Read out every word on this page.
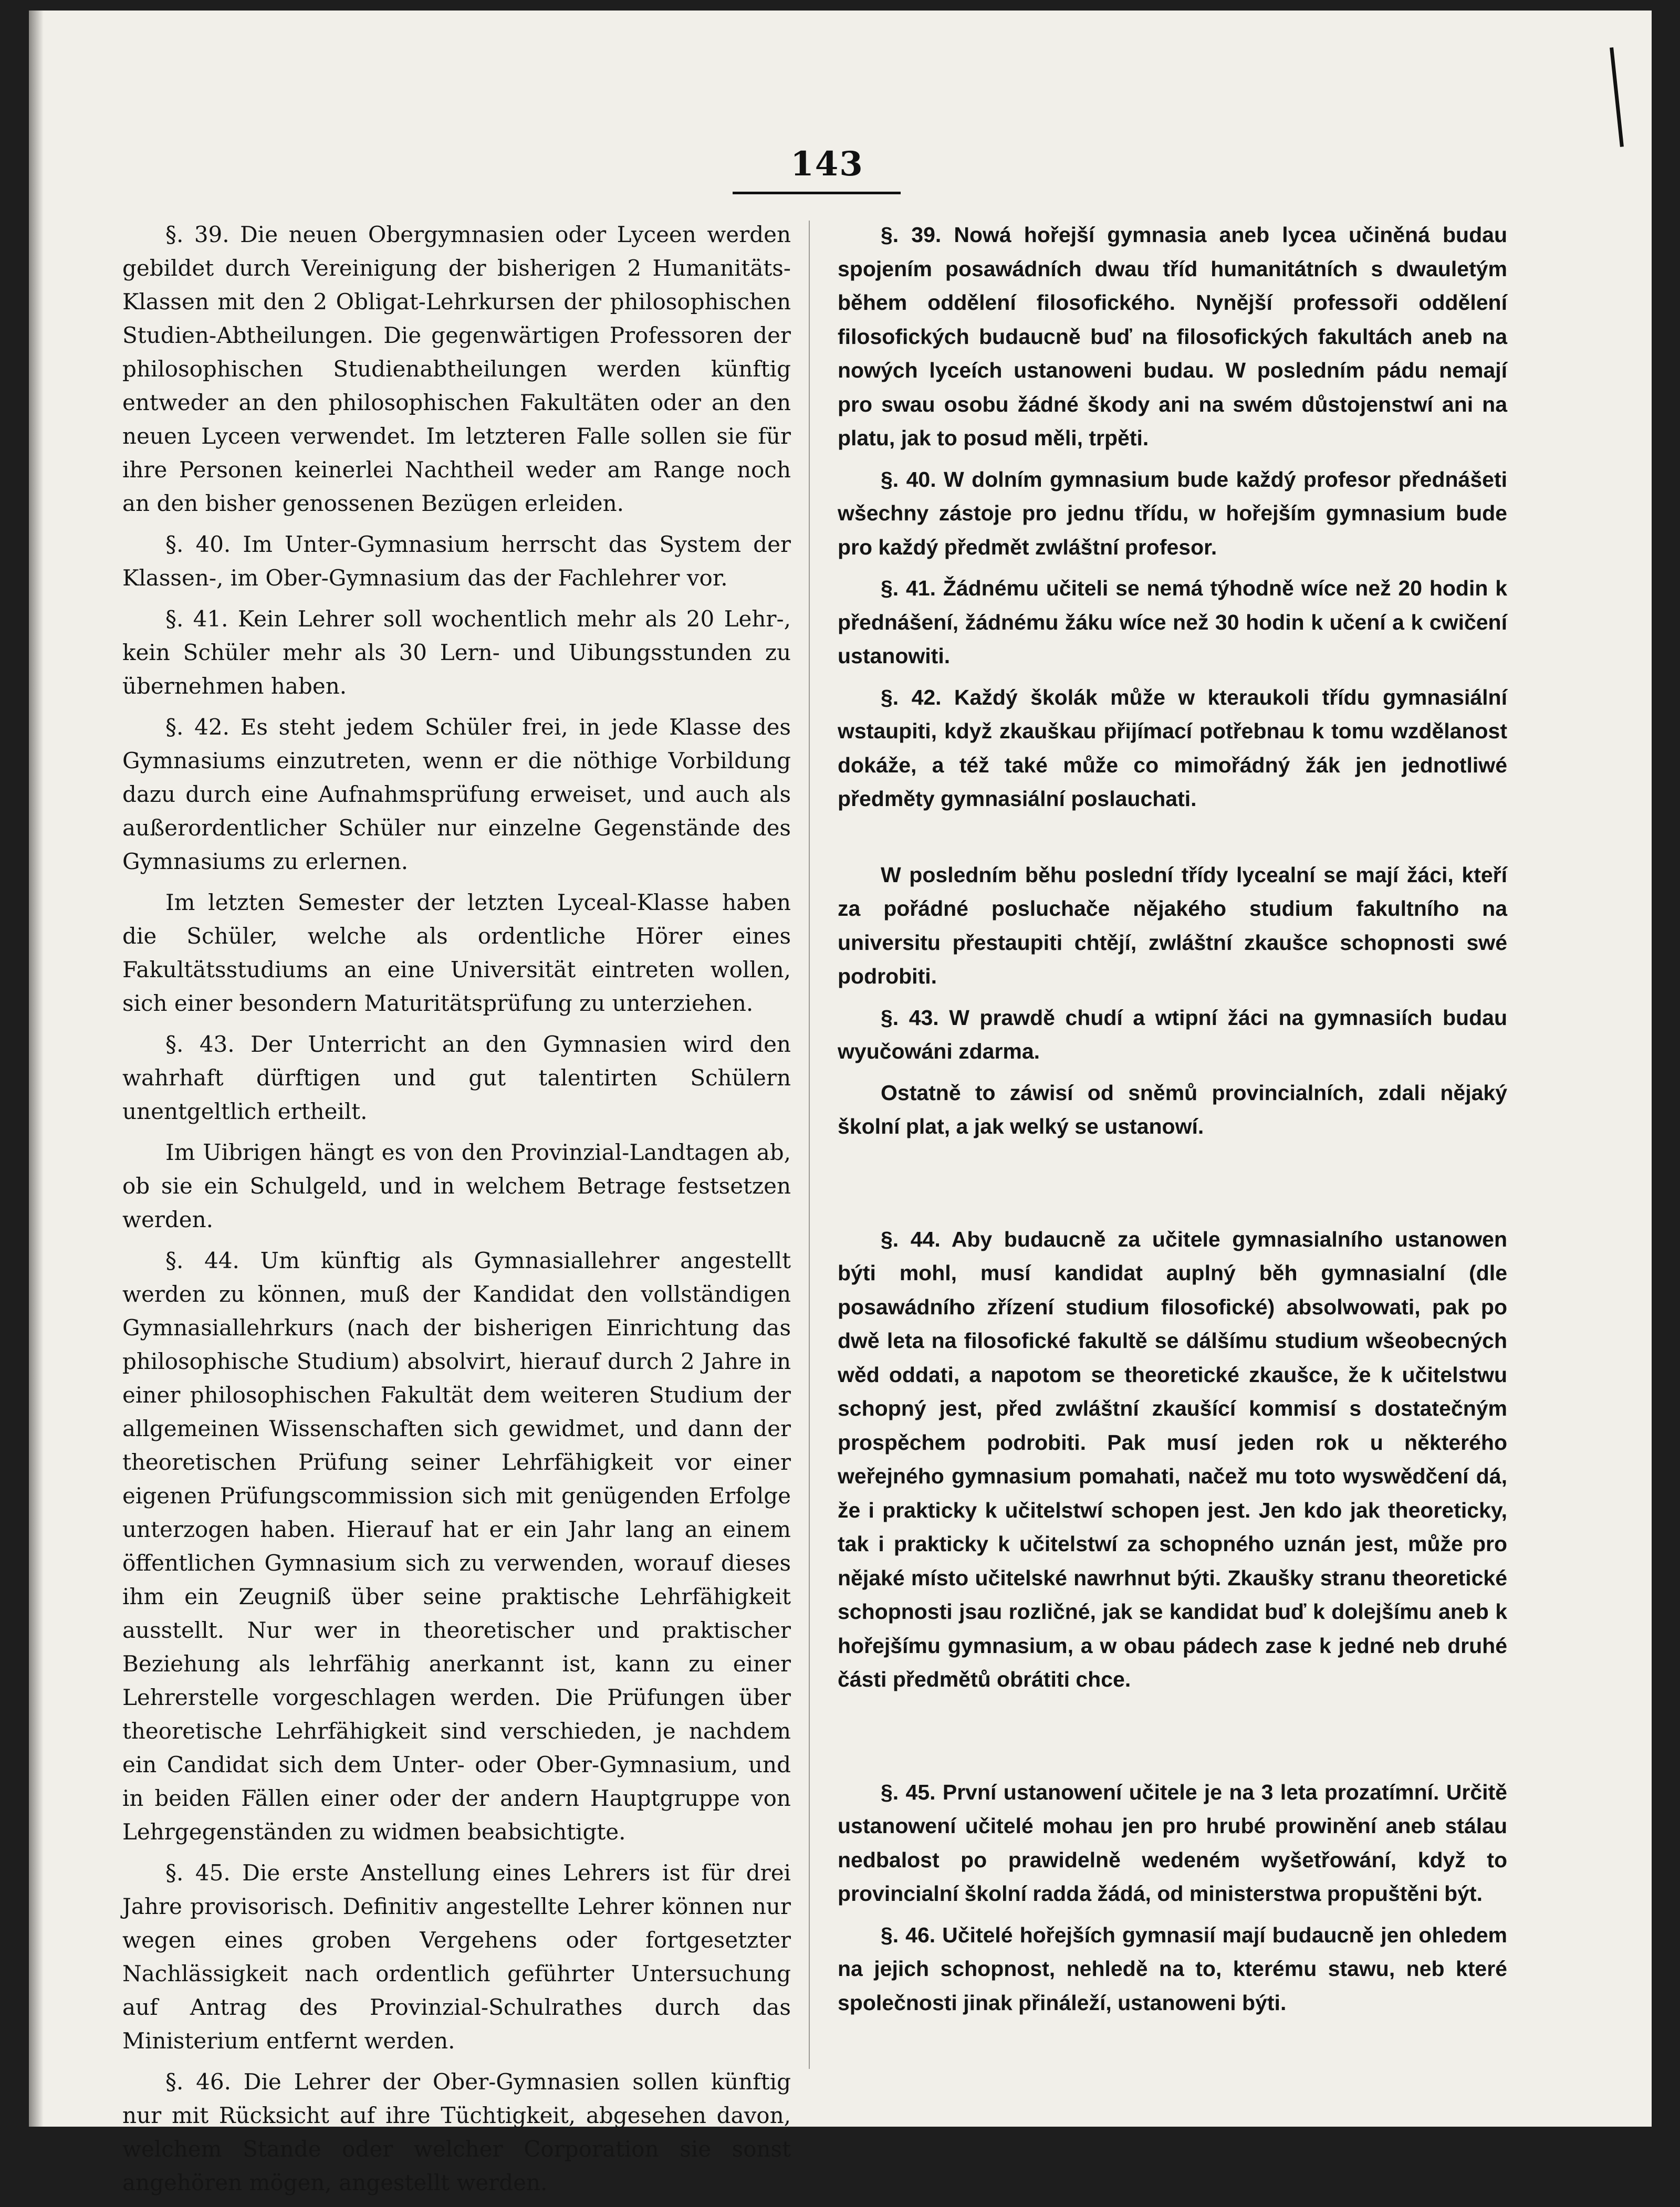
143

§. 39. Die neuen Obergymnasien oder Lyceen werden gebildet durch Vereinigung der bisherigen 2 Humanitäts-Klassen mit den 2 Obligat-Lehrkursen der philosophischen Studien-Abtheilungen. Die gegenwärtigen Professoren der philosophischen Studienabtheilungen werden künftig entweder an den philosophischen Fakultäten oder an den neuen Lyceen verwendet. Im letzteren Falle sollen sie für ihre Personen keinerlei Nachtheil weder am Range noch an den bisher genossenen Bezügen erleiden.

§. 40. Im Unter-Gymnasium herrscht das System der Klassen-, im Ober-Gymnasium das der Fachlehrer vor.

§. 41. Kein Lehrer soll wochentlich mehr als 20 Lehr-, kein Schüler mehr als 30 Lern- und Uibungsstunden zu übernehmen haben.

§. 42. Es steht jedem Schüler frei, in jede Klasse des Gymnasiums einzutreten, wenn er die nöthige Vorbildung dazu durch eine Aufnahmsprüfung erweiset, und auch als außerordentlicher Schüler nur einzelne Gegenstände des Gymnasiums zu erlernen.

Im letzten Semester der letzten Lyceal-Klasse haben die Schüler, welche als ordentliche Hörer eines Fakultätsstudiums an eine Universität eintreten wollen, sich einer besondern Maturitätsprüfung zu unterziehen.

§. 43. Der Unterricht an den Gymnasien wird den wahrhaft dürftigen und gut talentirten Schülern unentgeltlich ertheilt.

Im Uibrigen hängt es von den Provinzial-Landtagen ab, ob sie ein Schulgeld, und in welchem Betrage festsetzen werden.

§. 44. Um künftig als Gymnasiallehrer angestellt werden zu können, muß der Kandidat den vollständigen Gymnasiallehrkurs (nach der bisherigen Einrichtung das philosophische Studium) absolvirt, hierauf durch 2 Jahre in einer philosophischen Fakultät dem weiteren Studium der allgemeinen Wissenschaften sich gewidmet, und dann der theoretischen Prüfung seiner Lehrfähigkeit vor einer eigenen Prüfungscommission sich mit genügenden Erfolge unterzogen haben. Hierauf hat er ein Jahr lang an einem öffentlichen Gymnasium sich zu verwenden, worauf dieses ihm ein Zeugniß über seine praktische Lehrfähigkeit ausstellt. Nur wer in theoretischer und praktischer Beziehung als lehrfähig anerkannt ist, kann zu einer Lehrerstelle vorgeschlagen werden. Die Prüfungen über theoretische Lehrfähigkeit sind verschieden, je nachdem ein Candidat sich dem Unter- oder Ober-Gymnasium, und in beiden Fällen einer oder der andern Hauptgruppe von Lehrgegenständen zu widmen beabsichtigte.

§. 45. Die erste Anstellung eines Lehrers ist für drei Jahre provisorisch. Definitiv angestellte Lehrer können nur wegen eines groben Vergehens oder fortgesetzter Nachlässigkeit nach ordentlich geführter Untersuchung auf Antrag des Provinzial-Schulrathes durch das Ministerium entfernt werden.

§. 46. Die Lehrer der Ober-Gymnasien sollen künftig nur mit Rücksicht auf ihre Tüchtigkeit, abgesehen davon, welchem Stande oder welcher Corporation sie sonst angehören mögen, angestellt werden.

§. 39. Nowá hořejší gymnasia aneb lycea učiněná budau spojením posawádních dwau tříd humanitátních s dwauletým během oddělení filosofického. Nynější professoři oddělení filosofických budaucně buď na filosofických fakultách aneb na nowých lyceích ustanoweni budau. W posledním pádu nemají pro swau osobu žádné škody ani na swém důstojenstwí ani na platu, jak to posud měli, trpěti.

§. 40. W dolním gymnasium bude každý profesor přednášeti wšechny zástoje pro jednu třídu, w hořejším gymnasium bude pro každý předmět zwláštní profesor.

§. 41. Žádnému učiteli se nemá týhodně wíce než 20 hodin k přednášení, žádnému žáku wíce než 30 hodin k učení a k cwičení ustanowiti.

§. 42. Každý školák může w kteraukoli třídu gymnasiální wstaupiti, když zkauškau přijímací potřebnau k tomu wzdělanost dokáže, a též také může co mimořádný žák jen jednotliwé předměty gymnasiální poslauchati.

W posledním běhu poslední třídy lycealní se mají žáci, kteří za pořádné posluchače nějakého studium fakultního na universitu přestaupiti chtějí, zwláštní zkaušce schopnosti swé podrobiti.

§. 43. W prawdě chudí a wtipní žáci na gymnasiích budau wyučowáni zdarma.

Ostatně to záwisí od sněmů provincialních, zdali nějaký školní plat, a jak welký se ustanowí.

§. 44. Aby budaucně za učitele gymnasialního ustanowen býti mohl, musí kandidat auplný běh gymnasialní (dle posawádního zřízení studium filosofické) absolwowati, pak po dwě leta na filosofické fakultě se dálšímu studium wšeobecných wěd oddati, a napotom se theoretické zkaušce, že k učitelstwu schopný jest, před zwláštní zkaušící kommisí s dostatečným prospěchem podrobiti. Pak musí jeden rok u některého weřejného gymnasium pomahati, načež mu toto wyswědčení dá, že i prakticky k učitelstwí schopen jest. Jen kdo jak theoreticky, tak i prakticky k učitelstwí za schopného uznán jest, může pro nějaké místo učitelské nawrhnut býti. Zkaušky stranu theoretické schopnosti jsau rozličné, jak se kandidat buď k dolejšímu aneb k hořejšímu gymnasium, a w obau pádech zase k jedné neb druhé části předmětů obrátiti chce.

§. 45. První ustanowení učitele je na 3 leta prozatímní. Určitě ustanowení učitelé mohau jen pro hrubé prowinění aneb stálau nedbalost po prawidelně wedeném wyšetřowání, když to provincialní školní radda žádá, od ministerstwa propuštěni být.

§. 46. Učitelé hořejších gymnasií mají budaucně jen ohledem na jejich schopnost, nehledě na to, kterému stawu, neb které společnosti jinak přináleží, ustanoweni býti.
